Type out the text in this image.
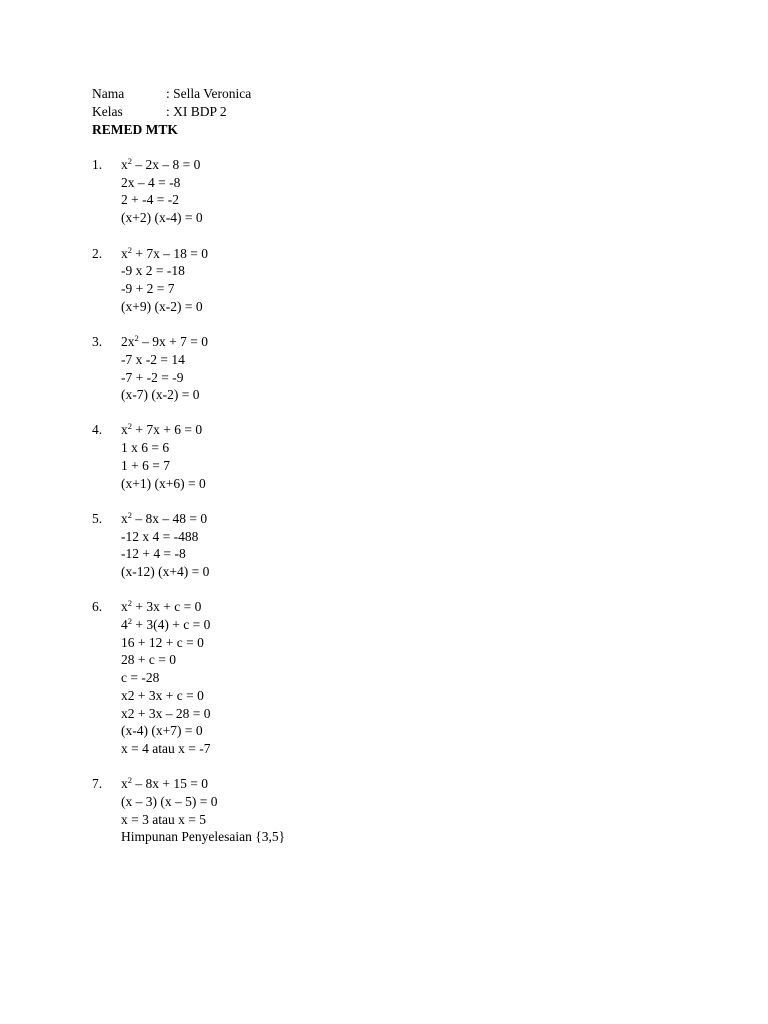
Nama	: Sella Veronica
Kelas	: XI BDP 2
REMED MTK
1. $x^2 - 2x - 8 = 0$
2x – 4 = -8
2 + -4 = -2
(x+2) (x-4) = 0
2. $x^2 + 7x - 18 = 0$
-9 x 2 = -18
-9 + 2 = 7
(x+9) (x-2) = 0
3. $2x^2 - 9x + 7 = 0$
-7 x -2 = 14
-7 + -2 = -9
(x-7) (x-2) = 0
4. $x^2 + 7x + 6 = 0$
1 x 6 = 6
1 + 6 = 7
(x+1) (x+6) = 0
5. $x^2 - 8x - 48 = 0$
-12 x 4 = -488
-12 + 4 = -8
(x-12) (x+4) = 0
6. $x^2 + 3x + c = 0$
$4^2 + 3(4) + c = 0$
16 + 12 + c = 0
28 + c = 0
c = -28
x2 + 3x + c = 0
x2 + 3x – 28 = 0
(x-4) (x+7) = 0
x = 4 atau x = -7
7. $x^2 - 8x + 15 = 0$
(x – 3) (x – 5) = 0
x = 3 atau x = 5
Himpunan Penyelesaian {3,5}
